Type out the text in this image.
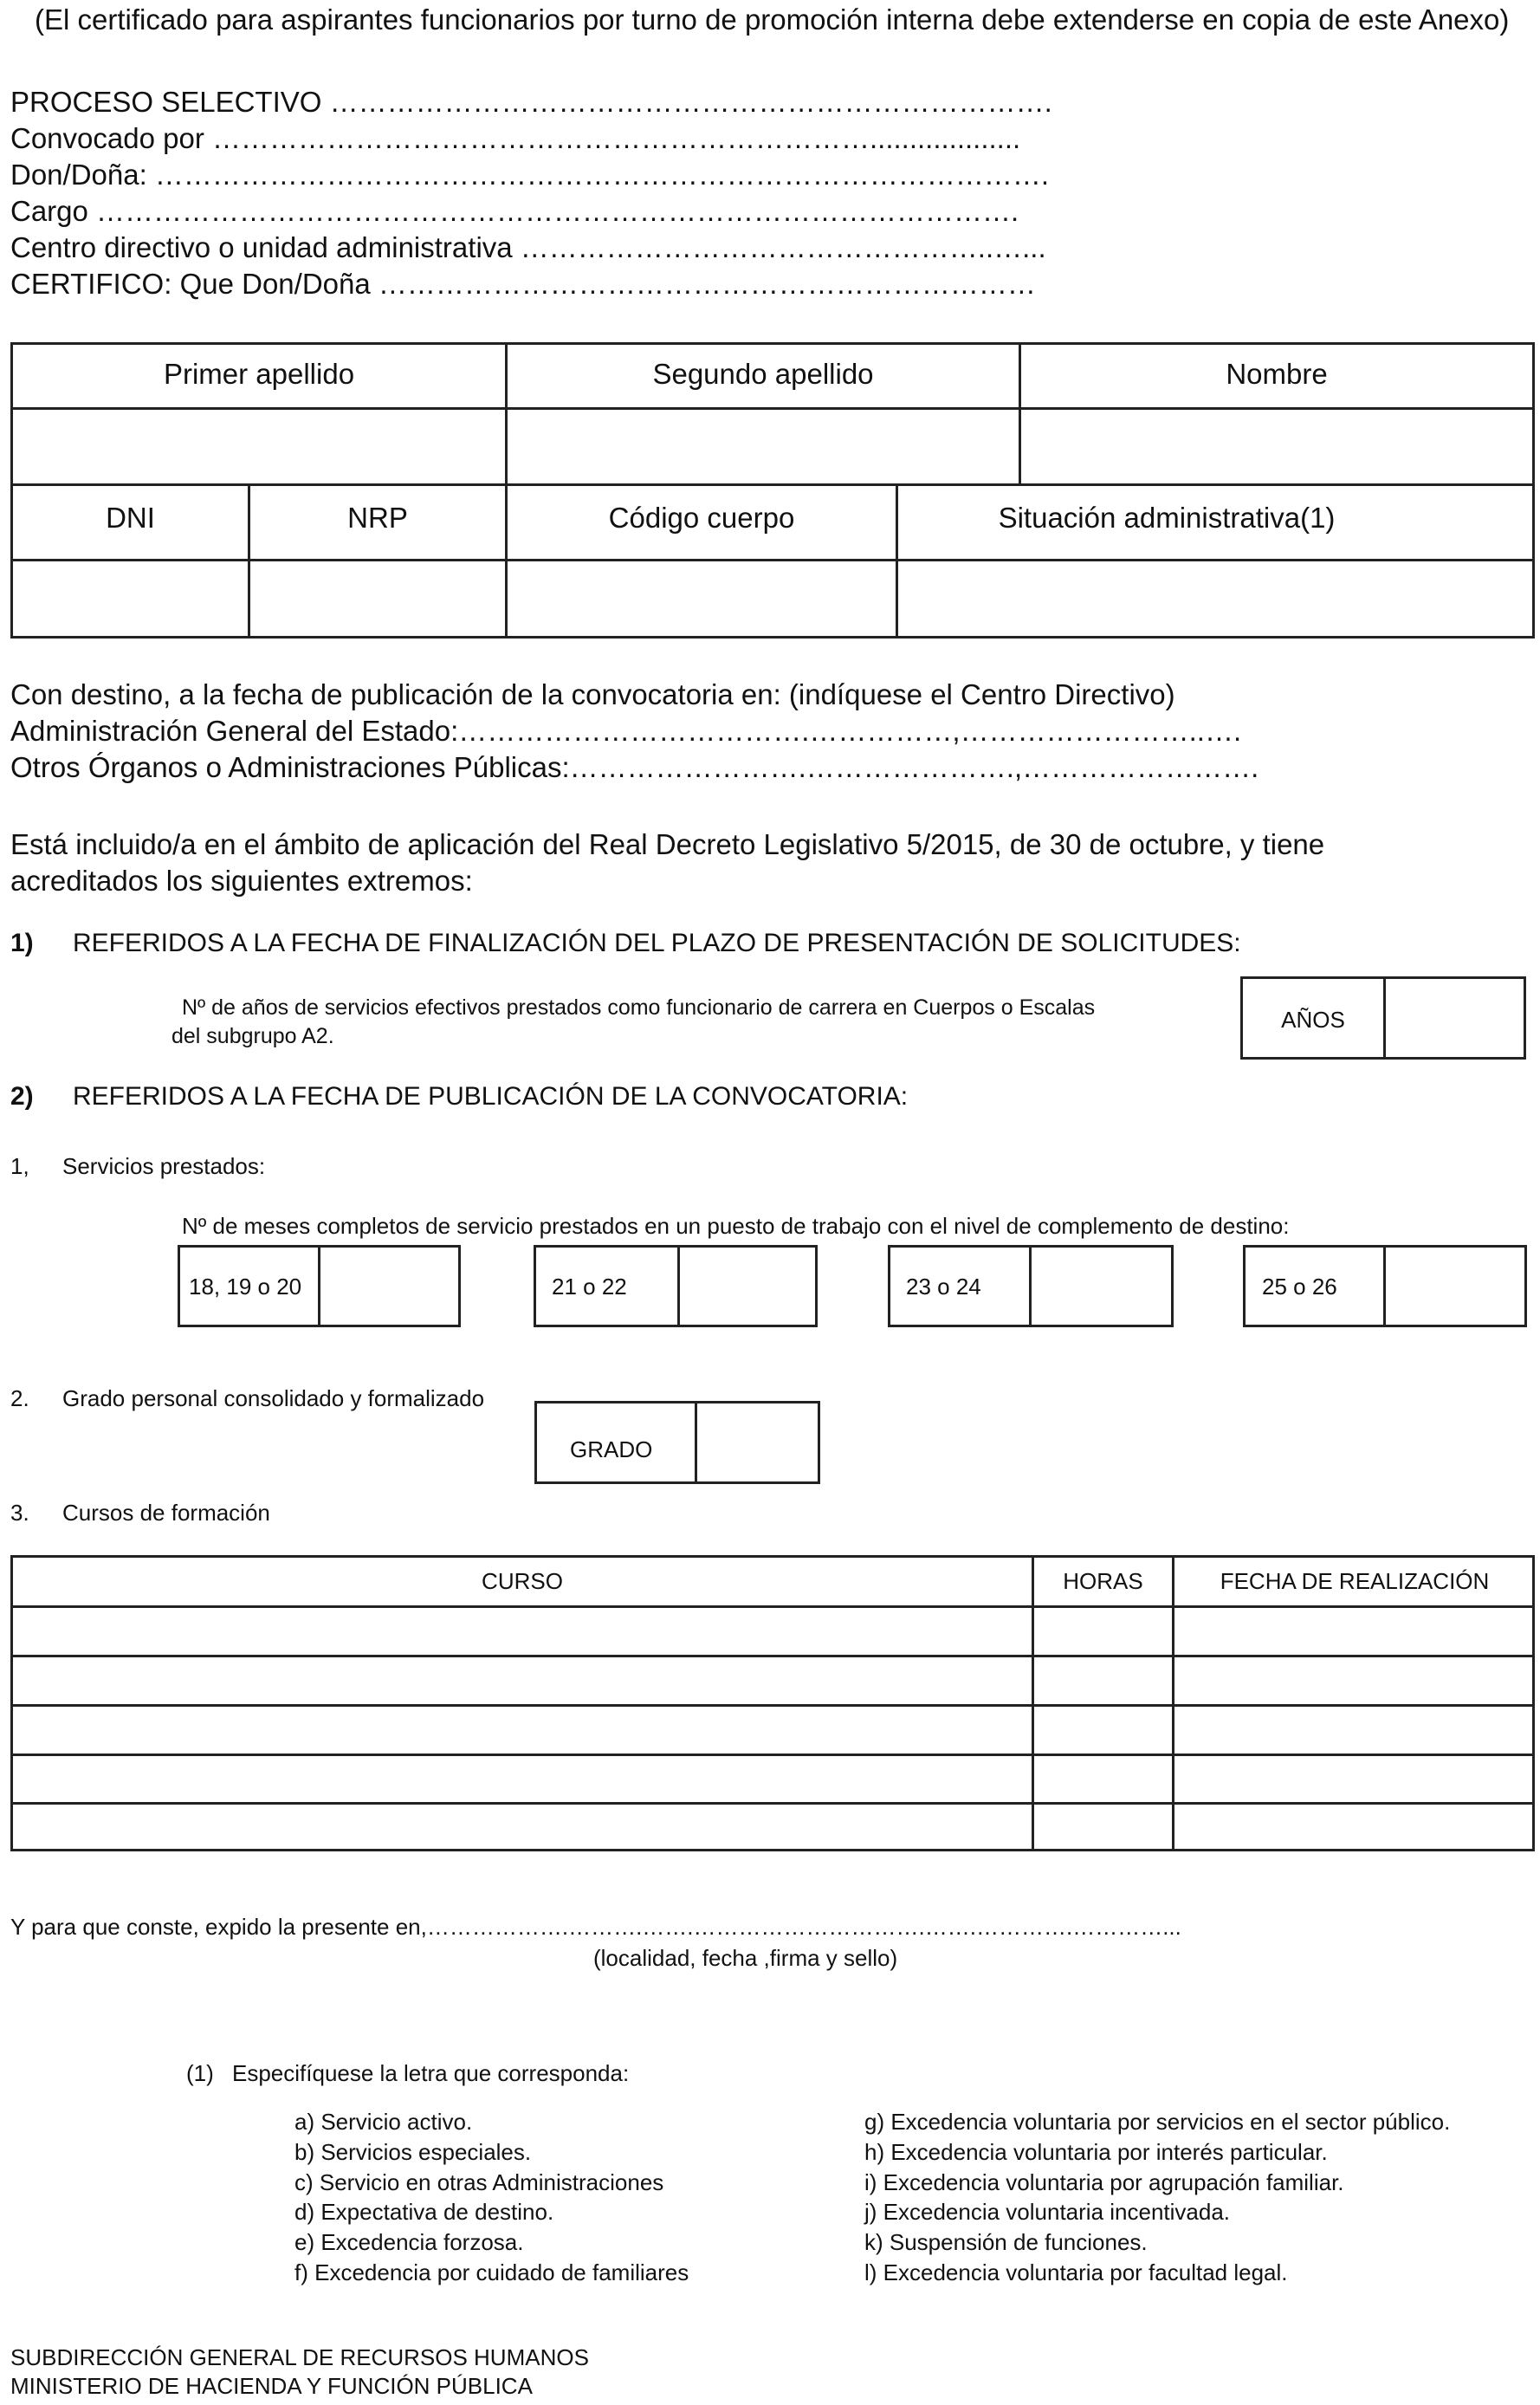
(El certificado para aspirantes funcionarios por turno de promoción interna debe extenderse en copia de este Anexo)
PROCESO SELECTIVO ………………………………………………………………….
Convocado por ……………………………………………………………...................
Don/Doña: ………………………………………………………………………………….
Cargo …………………………………………………………………………………….
Centro directivo o unidad administrativa …………………………………………..…...
CERTIFICO: Que Don/Doña ……………………………………………………………
Primer apellido	Segundo apellido	Nombre
DNI	NRP	Código cuerpo	Situación administrativa(1)
Con destino, a la fecha de publicación de la convocatoria en: (indíquese el Centro Directivo)
Administración General del Estado:……………………………….……………,……………………..….
Otros Órganos o Administraciones Públicas:…………………….………………….,…………………….
Está incluido/a en el ámbito de aplicación del Real Decreto Legislativo 5/2015, de 30 de octubre, y tiene
acreditados los siguientes extremos:
1) REFERIDOS A LA FECHA DE FINALIZACIÓN DEL PLAZO DE PRESENTACIÓN DE SOLICITUDES:
Nº de años de servicios efectivos prestados como funcionario de carrera en Cuerpos o Escalas
del subgrupo A2.
AÑOS
2) REFERIDOS A LA FECHA DE PUBLICACIÓN DE LA CONVOCATORIA:
1, Servicios prestados:
Nº de meses completos de servicio prestados en un puesto de trabajo con el nivel de complemento de destino:
18, 19 o 20	21 o 22	23 o 24	25 o 26
2. Grado personal consolidado y formalizado
GRADO
3. Cursos de formación
CURSO	HORAS	FECHA DE REALIZACIÓN
Y para que conste, expido la presente en,……………….……….…….………………………….…….………….…………...
(localidad, fecha ,firma y sello)
(1) Especifíquese la letra que corresponda:
a) Servicio activo.
b) Servicios especiales.
c) Servicio en otras Administraciones
d) Expectativa de destino.
e) Excedencia forzosa.
f) Excedencia por cuidado de familiares
g) Excedencia voluntaria por servicios en el sector público.
h) Excedencia voluntaria por interés particular.
i) Excedencia voluntaria por agrupación familiar.
j) Excedencia voluntaria incentivada.
k) Suspensión de funciones.
l) Excedencia voluntaria por facultad legal.
SUBDIRECCIÓN GENERAL DE RECURSOS HUMANOS
MINISTERIO DE HACIENDA Y FUNCIÓN PÚBLICA
